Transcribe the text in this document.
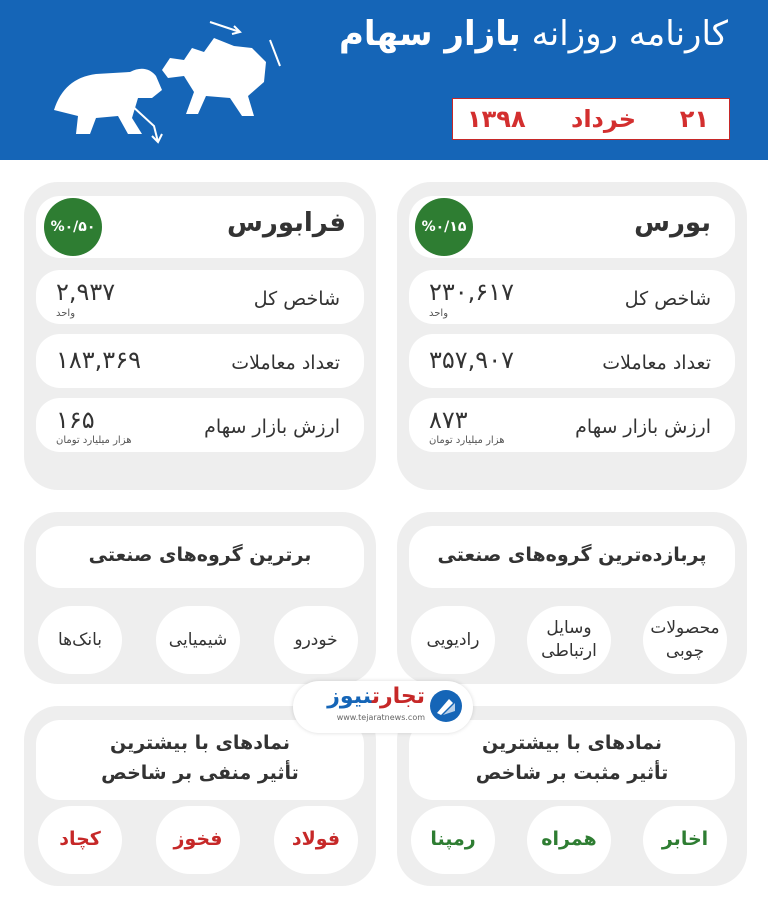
کارنامه روزانه بازار سهام
۲۱
خرداد
۱۳۹۸
بورس
%۰/۱۵
شاخص کل
۲۳۰,۶۱۷
واحد
تعداد معاملات
۳۵۷,۹۰۷
ارزش بازار سهام
۸۷۳
هزار میلیارد تومان
فرابورس
%۰/۵۰
شاخص کل
۲,۹۳۷
واحد
تعداد معاملات
۱۸۳,۳۶۹
ارزش بازار سهام
۱۶۵
هزار میلیارد تومان
پربازده‌ترین گروه‌های صنعتی
محصولات چوبی
وسایل ارتباطی
رادیویی
برترین گروه‌های صنعتی
خودرو
شیمیایی
بانک‌ها
نمادهای با بیشترین
تأثیر مثبت بر شاخص
اخابر
همراه
رمپنا
نمادهای با بیشترین
تأثیر منفی بر شاخص
فولاد
فخوز
کچاد
تجارتنیوز
www.tejaratnews.com
